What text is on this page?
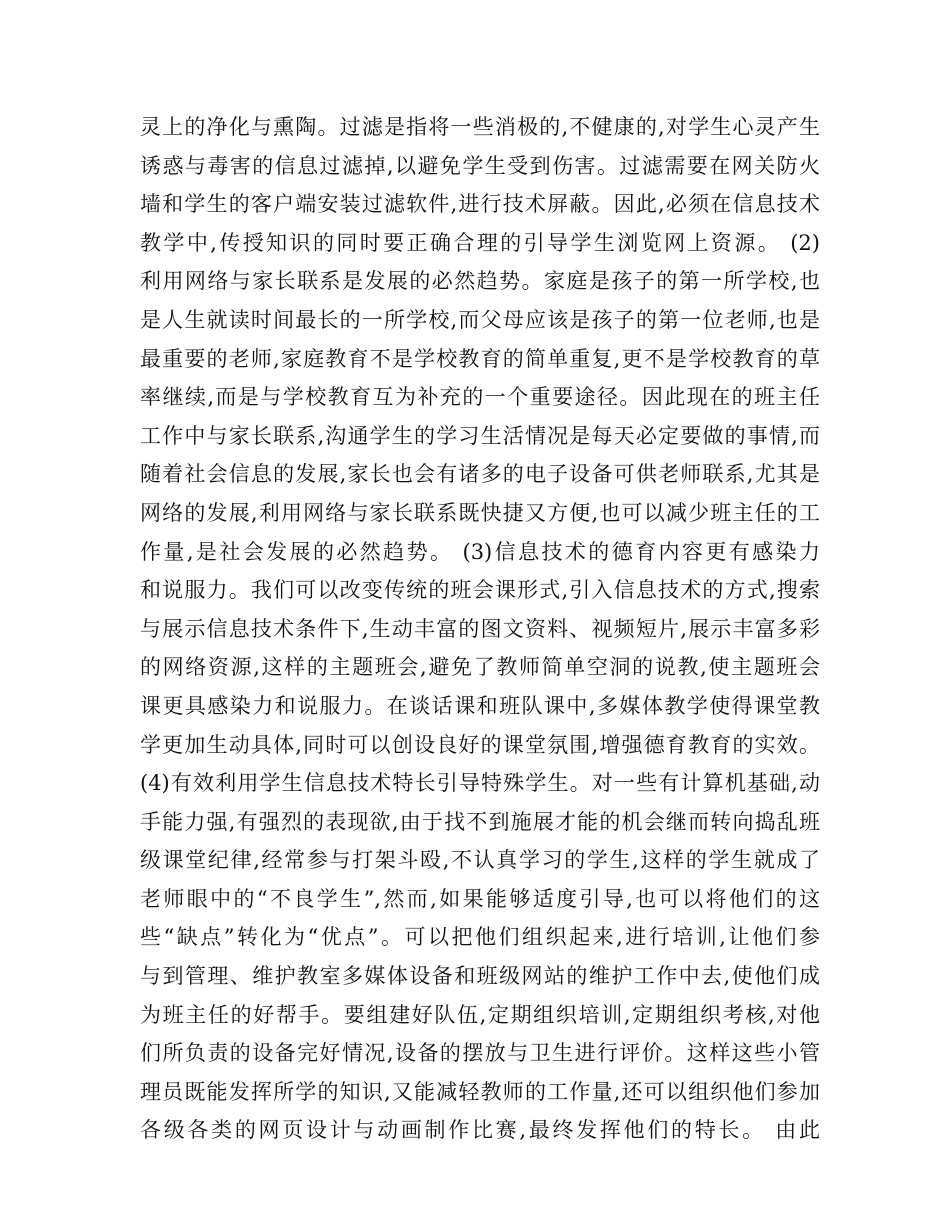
灵上的净化与熏陶。过滤是指将一些消极的,不健康的,对学生心灵产生
诱惑与毒害的信息过滤掉,以避免学生受到伤害。过滤需要在网关防火
墙和学生的客户端安装过滤软件,进行技术屏蔽。因此,必须在信息技术
教学中,传授知识的同时要正确合理的引导学生浏览网上资源。 (2)
利用网络与家长联系是发展的必然趋势。家庭是孩子的第一所学校,也
是人生就读时间最长的一所学校,而父母应该是孩子的第一位老师,也是
最重要的老师,家庭教育不是学校教育的简单重复,更不是学校教育的草
率继续,而是与学校教育互为补充的一个重要途径。因此现在的班主任
工作中与家长联系,沟通学生的学习生活情况是每天必定要做的事情,而
随着社会信息的发展,家长也会有诸多的电子设备可供老师联系,尤其是
网络的发展,利用网络与家长联系既快捷又方便,也可以减少班主任的工
作量,是社会发展的必然趋势。 (3)信息技术的德育内容更有感染力
和说服力。我们可以改变传统的班会课形式,引入信息技术的方式,搜索
与展示信息技术条件下,生动丰富的图文资料、视频短片,展示丰富多彩
的网络资源,这样的主题班会,避免了教师简单空洞的说教,使主题班会
课更具感染力和说服力。在谈话课和班队课中,多媒体教学使得课堂教
学更加生动具体,同时可以创设良好的课堂氛围,增强德育教育的实效。
(4)有效利用学生信息技术特长引导特殊学生。对一些有计算机基础,动
手能力强,有强烈的表现欲,由于找不到施展才能的机会继而转向捣乱班
级课堂纪律,经常参与打架斗殴,不认真学习的学生,这样的学生就成了
老师眼中的“不良学生”,然而,如果能够适度引导,也可以将他们的这
些“缺点”转化为“优点”。可以把他们组织起来,进行培训,让他们参
与到管理、维护教室多媒体设备和班级网站的维护工作中去,使他们成
为班主任的好帮手。要组建好队伍,定期组织培训,定期组织考核,对他
们所负责的设备完好情况,设备的摆放与卫生进行评价。这样这些小管
理员既能发挥所学的知识,又能减轻教师的工作量,还可以组织他们参加
各级各类的网页设计与动画制作比赛,最终发挥他们的特长。 由此
